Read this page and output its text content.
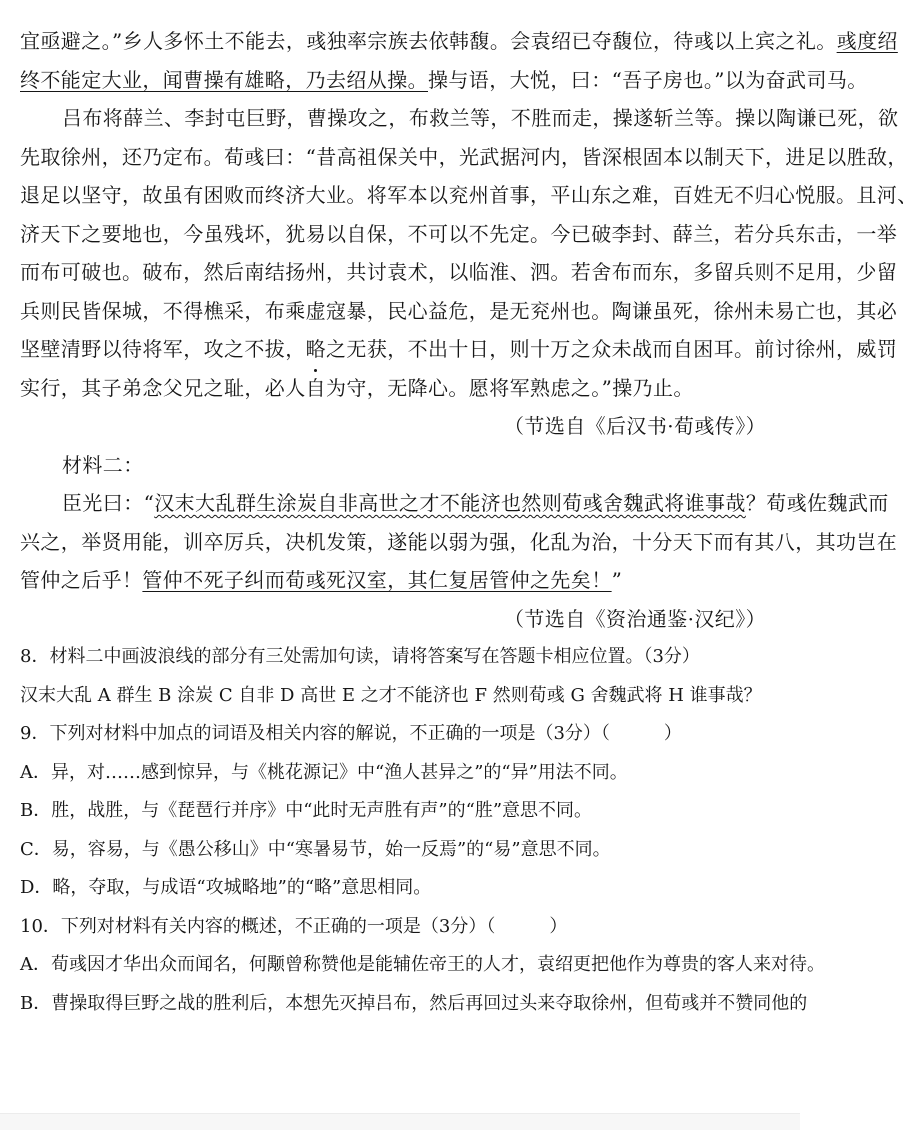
宜亟避之。”乡人多怀土不能去，彧独率宗族去依韩馥。会袁绍已夺馥位，待彧以上宾之礼。彧度绍
终不能定大业，闻曹操有雄略，乃去绍从操。操与语，大悦，曰：“吾子房也。”以为奋武司马。
吕布将薛兰、李封屯巨野，曹操攻之，布救兰等，不胜而走，操遂斩兰等。操以陶谦已死，欲
先取徐州，还乃定布。荀彧曰：“昔高祖保关中，光武据河内，皆深根固本以制天下，进足以胜敌，
退足以坚守，故虽有困败而终济大业。将军本以兖州首事，平山东之难，百姓无不归心悦服。且河、
济天下之要地也，今虽残坏，犹易以自保，不可以不先定。今已破李封、薛兰，若分兵东击，一举
而布可破也。破布，然后南结扬州，共讨袁术，以临淮、泗。若舍布而东，多留兵则不足用，少留
兵则民皆保城，不得樵采，布乘虚寇暴，民心益危，是无兖州也。陶谦虽死，徐州未易亡也，其必
坚壁清野以待将军，攻之不拔，略之无获，不出十日，则十万之众未战而自困耳。前讨徐州，威罚
实行，其子弟念父兄之耻，必人自为守，无降心。愿将军熟虑之。”操乃止。
（节选自《后汉书·荀彧传》）
材料二：
臣光曰：“汉末大乱群生涂炭自非高世之才不能济也然则荀彧舍魏武将谁事哉？荀彧佐魏武而
兴之，举贤用能，训卒厉兵，决机发策，遂能以弱为强，化乱为治，十分天下而有其八，其功岂在
管仲之后乎！管仲不死子纠而荀彧死汉室，其仁复居管仲之先矣！”
（节选自《资治通鉴·汉纪》）
8．材料二中画波浪线的部分有三处需加句读，请将答案写在答题卡相应位置。（3分）
汉末大乱 A 群生 B 涂炭 C 自非 D 高世 E 之才不能济也 F 然则荀彧 G 舍魏武将 H 谁事哉？
9．下列对材料中加点的词语及相关内容的解说，不正确的一项是（3分）（　　　）
A．异，对……感到惊异，与《桃花源记》中“渔人甚异之”的“异”用法不同。
B．胜，战胜，与《琵琶行并序》中“此时无声胜有声”的“胜”意思不同。
C．易，容易，与《愚公移山》中“寒暑易节，始一反焉”的“易”意思不同。
D．略，夺取，与成语“攻城略地”的“略”意思相同。
10．下列对材料有关内容的概述，不正确的一项是（3分）（　　　）
A．荀彧因才华出众而闻名，何颙曾称赞他是能辅佐帝王的人才，袁绍更把他作为尊贵的客人来对待。
B．曹操取得巨野之战的胜利后，本想先灭掉吕布，然后再回过头来夺取徐州，但荀彧并不赞同他的
